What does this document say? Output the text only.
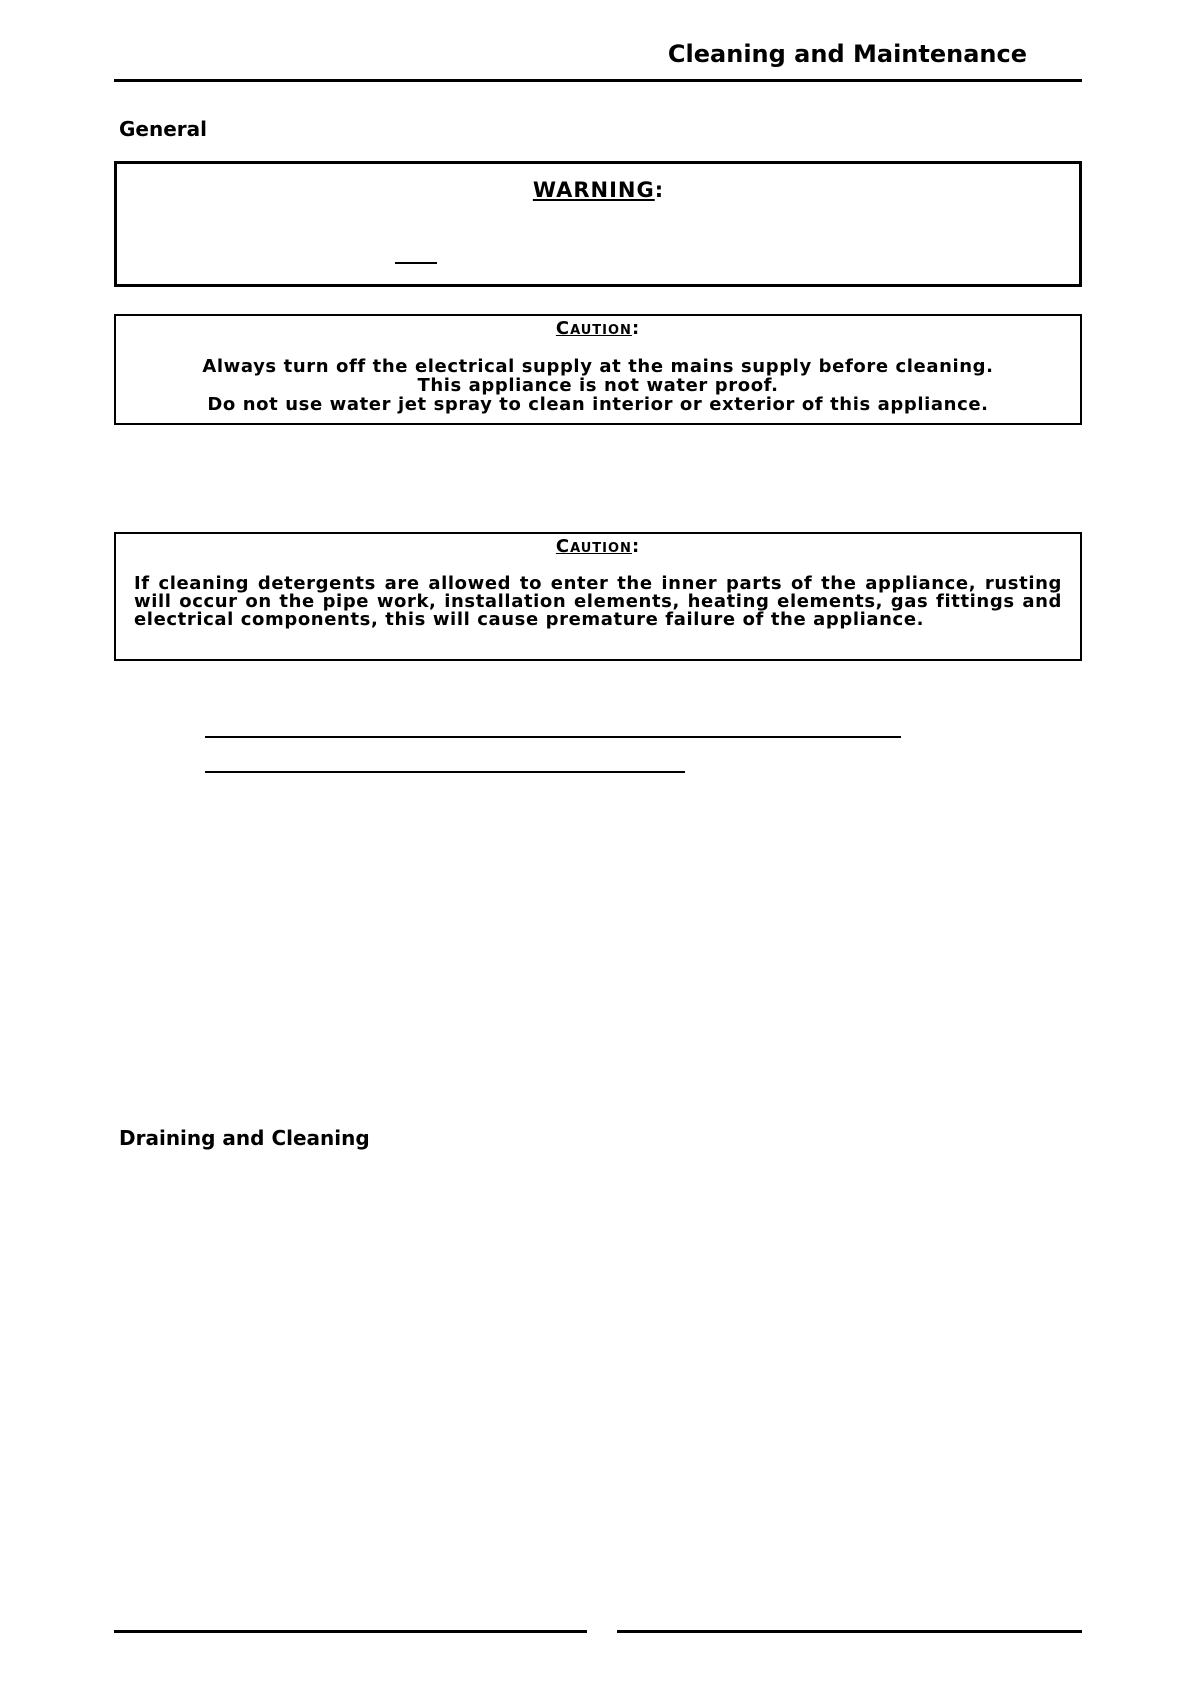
Cleaning and Maintenance
General

WARNING:

Caution:

Always turn off the electrical supply at the mains supply before cleaning.
This appliance is not water proof.
Do not use water jet spray to clean interior or exterior of this appliance.

Caution:

If cleaning detergents are allowed to enter the inner parts of the appliance, rusting will occur on the pipe work, installation elements, heating elements, gas fittings and electrical components, this will cause premature failure of the appliance.
Draining and Cleaning
